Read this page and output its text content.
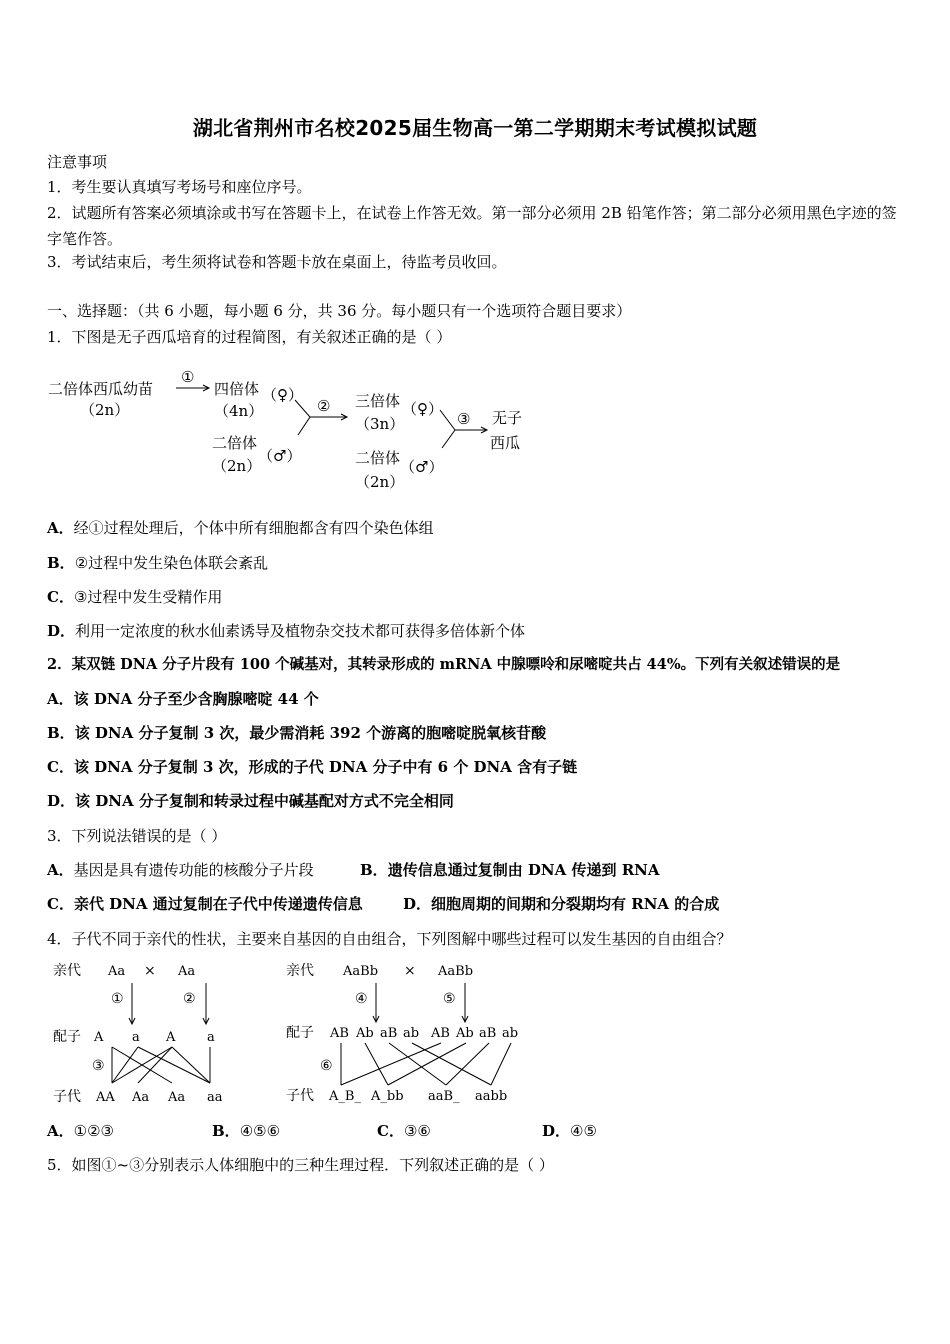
湖北省荆州市名校2025届生物高一第二学期期末考试模拟试题
注意事项
1．考生要认真填写考场号和座位序号。
2．试题所有答案必须填涂或书写在答题卡上，在试卷上作答无效。第一部分必须用 2B 铅笔作答；第二部分必须用黑色字迹的签字笔作答。
3．考试结束后，考生须将试卷和答题卡放在桌面上，待监考员收回。
一、选择题：（共 6 小题，每小题 6 分，共 36 分。每小题只有一个选项符合题目要求）
1．下图是无子西瓜培育的过程简图，有关叙述正确的是（ ）
二倍体西瓜幼苗
（2n）
①
四倍体 （♀）
（4n）
二倍体
（2n）
（♂）
② 三倍体 （♀）
（3n）
二倍体
（2n）
（♂）
③ 无子
西瓜
A．经①过程处理后，个体中所有细胞都含有四个染色体组
B．②过程中发生染色体联会紊乱
C．③过程中发生受精作用
D．利用一定浓度的秋水仙素诱导及植物杂交技术都可获得多倍体新个体
2．某双链 DNA 分子片段有 100 个碱基对，其转录形成的 mRNA 中腺嘌呤和尿嘧啶共占 44%。下列有关叙述错误的是
A．该 DNA 分子至少含胸腺嘧啶 44 个
B．该 DNA 分子复制 3 次，最少需消耗 392 个游离的胞嘧啶脱氧核苷酸
C．该 DNA 分子复制 3 次，形成的子代 DNA 分子中有 6 个 DNA 含有子链
D．该 DNA 分子复制和转录过程中碱基配对方式不完全相同
3．下列说法错误的是（ ）
A．基因是具有遗传功能的核酸分子片段	B．遗传信息通过复制由 DNA 传递到 RNA
C．亲代 DNA 通过复制在子代中传递遗传信息	D．细胞周期的间期和分裂期均有 RNA 的合成
4．子代不同于亲代的性状，主要来自基因的自由组合，下列图解中哪些过程可以发生基因的自由组合？
亲代 Aa × Aa
①	②
配子 A a A a
③
子代 AA Aa Aa aa
亲代 AaBb × AaBb
④	⑤
配子 AB Ab aB ab AB Ab aB ab
⑥
子代 A_B_ A_bb aaB_ aabb
A．①②③	B．④⑤⑥	C．③⑥	D．④⑤
5．如图①~③分别表示人体细胞中的三种生理过程．下列叙述正确的是（ ）
